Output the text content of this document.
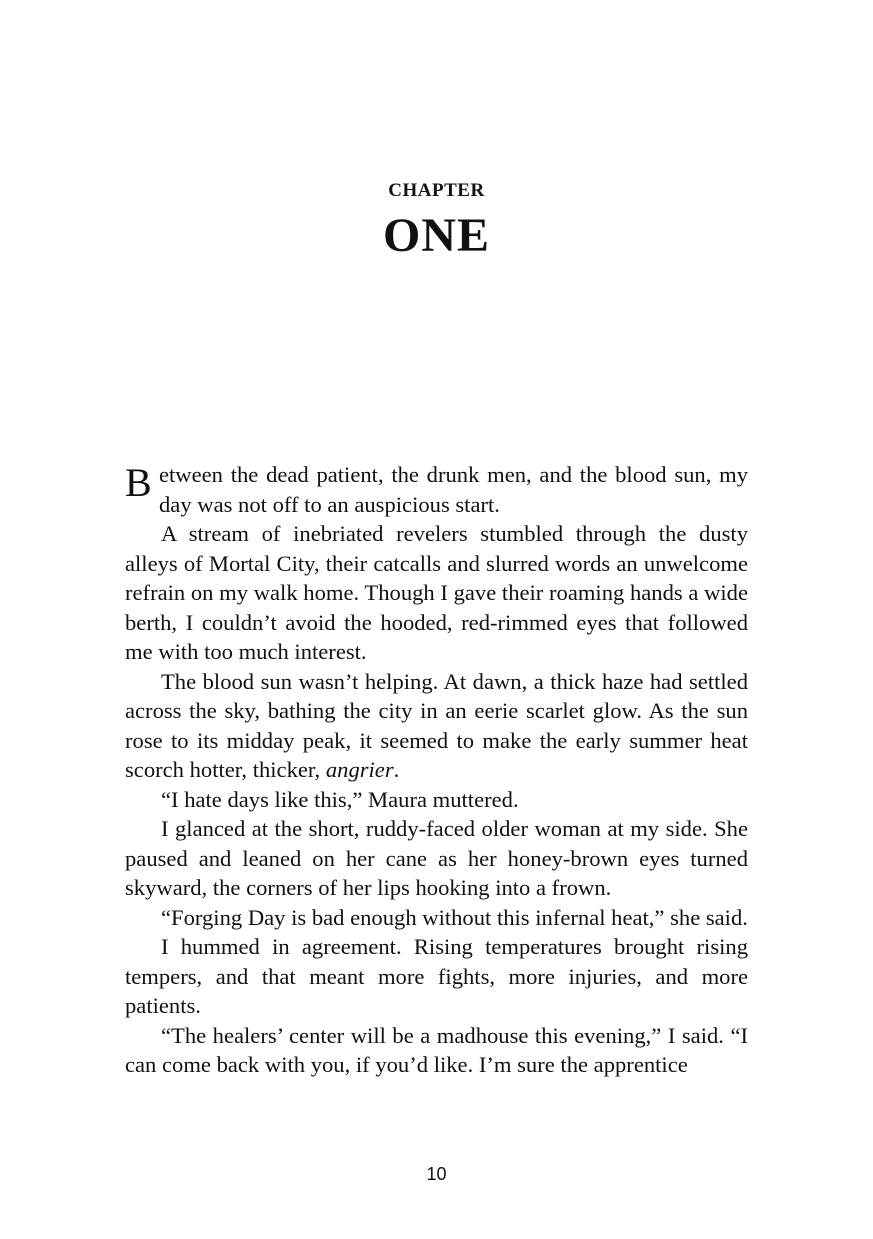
CHAPTER
ONE

Between the dead patient, the drunk men, and the blood sun, my day was not off to an auspicious start.

A stream of inebriated revelers stumbled through the dusty alleys of Mortal City, their catcalls and slurred words an unwelcome refrain on my walk home. Though I gave their roaming hands a wide berth, I couldn’t avoid the hooded, red-rimmed eyes that followed me with too much interest.

The blood sun wasn’t helping. At dawn, a thick haze had settled across the sky, bathing the city in an eerie scarlet glow. As the sun rose to its midday peak, it seemed to make the early summer heat scorch hotter, thicker, angrier.

“I hate days like this,” Maura muttered.

I glanced at the short, ruddy-faced older woman at my side. She paused and leaned on her cane as her honey-brown eyes turned skyward, the corners of her lips hooking into a frown.

“Forging Day is bad enough without this infernal heat,” she said.

I hummed in agreement. Rising temperatures brought rising tempers, and that meant more fights, more injuries, and more patients.

“The healers’ center will be a madhouse this evening,” I said. “I can come back with you, if you’d like. I’m sure the apprentice

10
